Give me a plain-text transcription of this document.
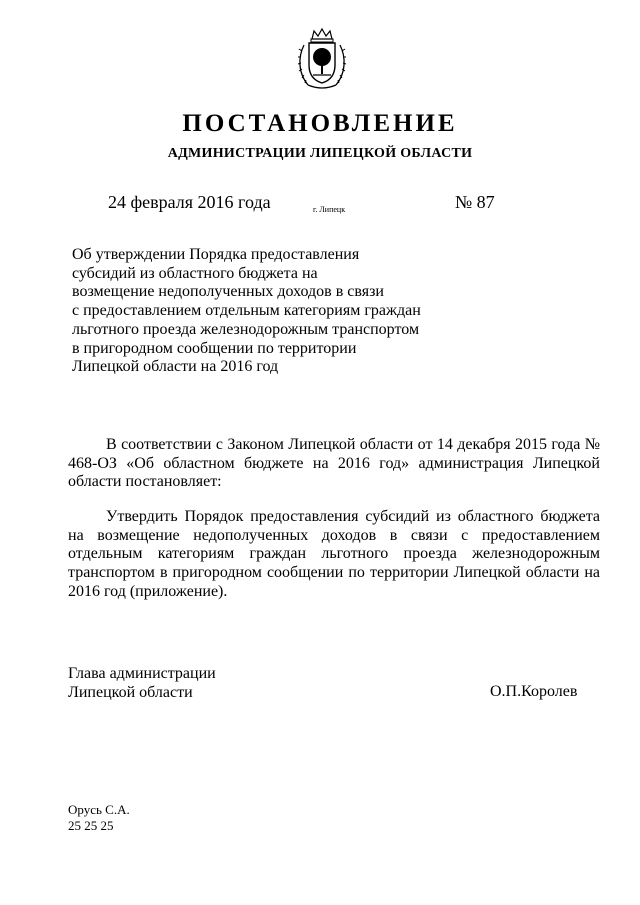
ПОСТАНОВЛЕНИЕ
АДМИНИСТРАЦИИ ЛИПЕЦКОЙ ОБЛАСТИ
24 февраля 2016 года	г. Липецк	№ 87
Об утверждении Порядка предоставления
субсидий из областного бюджета на
возмещение недополученных доходов в связи
с предоставлением отдельным категориям граждан
льготного проезда железнодорожным транспортом
в пригородном сообщении по территории
Липецкой области на 2016 год
В соответствии с Законом Липецкой области от 14 декабря 2015 года № 468-ОЗ «Об областном бюджете на 2016 год» администрация Липецкой области постановляет:
Утвердить Порядок предоставления субсидий из областного бюджета на возмещение недополученных доходов в связи с предоставлением отдельным категориям граждан льготного проезда железнодорожным транспортом в пригородном сообщении по территории Липецкой области на 2016 год (приложение).
Глава администрации
Липецкой области	О.П.Королев
Орусь С.А.
25 25 25
